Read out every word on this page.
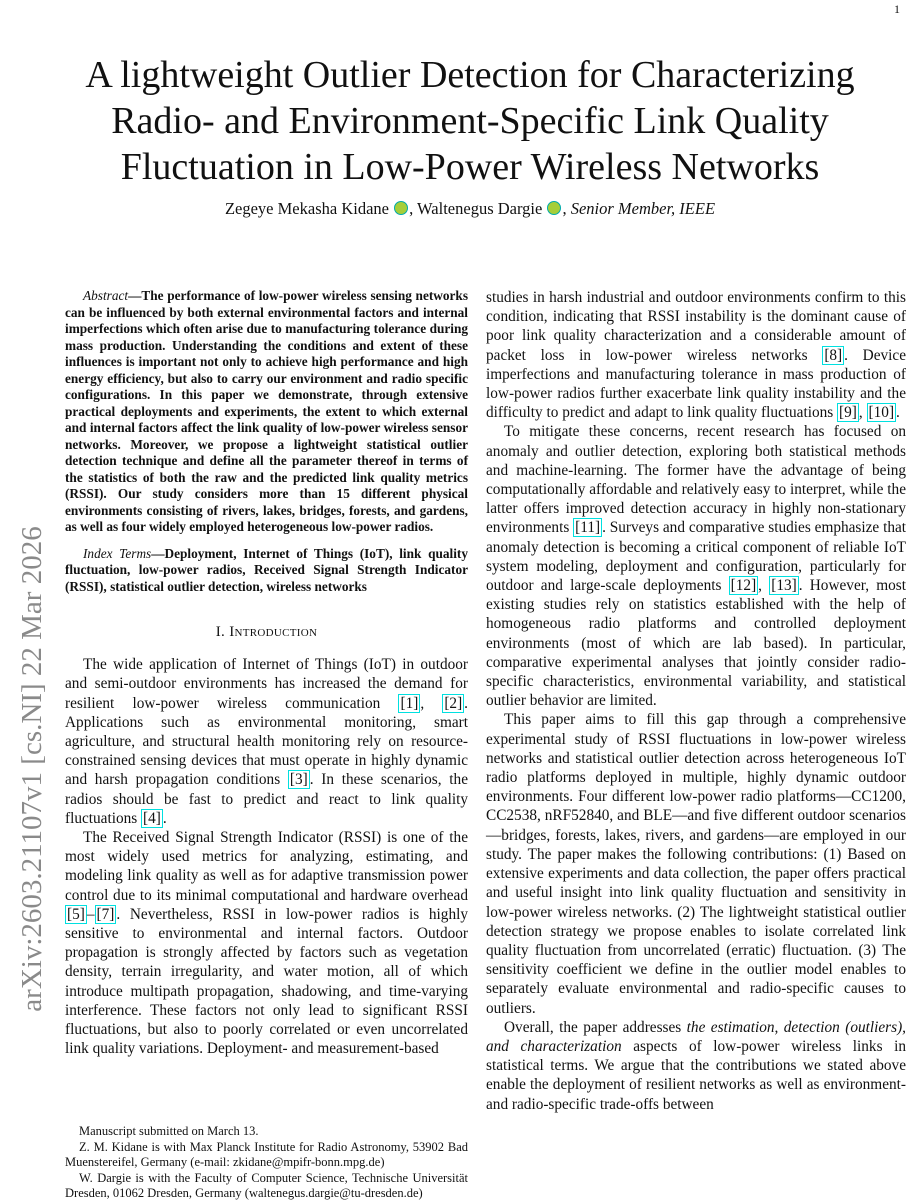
1
arXiv:2603.21107v1 [cs.NI] 22 Mar 2026
A lightweight Outlier Detection for Characterizing
Radio- and Environment-Specific Link Quality
Fluctuation in Low-Power Wireless Networks
Zegeye Mekasha Kidane , Waltenegus Dargie , Senior Member, IEEE

Abstract—The performance of low-power wireless sensing networks can be influenced by both external environmental factors and internal imperfections which often arise due to manufacturing tolerance during mass production. Understanding the conditions and extent of these influences is important not only to achieve high performance and high energy efficiency, but also to carry our environment and radio specific configurations. In this paper we demonstrate, through extensive practical deployments and experiments, the extent to which external and internal factors affect the link quality of low-power wireless sensor networks. Moreover, we propose a lightweight statistical outlier detection technique and define all the parameter thereof in terms of the statistics of both the raw and the predicted link quality metrics (RSSI). Our study considers more than 15 different physical environments consisting of rivers, lakes, bridges, forests, and gardens, as well as four widely employed heterogeneous low-power radios.

Index Terms—Deployment, Internet of Things (IoT), link quality fluctuation, low-power radios, Received Signal Strength Indicator (RSSI), statistical outlier detection, wireless networks

I. Introduction

The wide application of Internet of Things (IoT) in outdoor and semi-outdoor environments has increased the demand for resilient low-power wireless communication [1] , [2] . Applications such as environmental monitoring, smart agriculture, and structural health monitoring rely on resource-constrained sensing devices that must operate in highly dynamic and harsh propagation conditions [3] . In these scenarios, the radios should be fast to predict and react to link quality fluctuations [4] .

The Received Signal Strength Indicator (RSSI) is one of the most widely used metrics for analyzing, estimating, and modeling link quality as well as for adaptive transmission power control due to its minimal computational and hardware overhead [5] – [7] . Nevertheless, RSSI in low-power radios is highly sensitive to environmental and internal factors. Outdoor propagation is strongly affected by factors such as vegetation density, terrain irregularity, and water motion, all of which introduce multipath propagation, shadowing, and time-varying interference. These factors not only lead to significant RSSI fluctuations, but also to poorly correlated or even uncorrelated link quality variations. Deployment- and measurement-based

Manuscript submitted on March 13.

Z. M. Kidane is with Max Planck Institute for Radio Astronomy, 53902 Bad Muenstereifel, Germany (e-mail: zkidane@mpifr-bonn.mpg.de)

W. Dargie is with the Faculty of Computer Science, Technische Universität Dresden, 01062 Dresden, Germany (waltenegus.dargie@tu-dresden.de)

studies in harsh industrial and outdoor environments confirm to this condition, indicating that RSSI instability is the dominant cause of poor link quality characterization and a considerable amount of packet loss in low-power wireless networks [8] . Device imperfections and manufacturing tolerance in mass production of low-power radios further exacerbate link quality instability and the difficulty to predict and adapt to link quality fluctuations [9] , [10] .

To mitigate these concerns, recent research has focused on anomaly and outlier detection, exploring both statistical methods and machine-learning. The former have the advantage of being computationally affordable and relatively easy to interpret, while the latter offers improved detection accuracy in highly non-stationary environments [11] . Surveys and comparative studies emphasize that anomaly detection is becoming a critical component of reliable IoT system modeling, deployment and configuration, particularly for outdoor and large-scale deployments [12] , [13] . However, most existing studies rely on statistics established with the help of homogeneous radio platforms and controlled deployment environments (most of which are lab based). In particular, comparative experimental analyses that jointly consider radio-specific characteristics, environmental variability, and statistical outlier behavior are limited.

This paper aims to fill this gap through a comprehensive experimental study of RSSI fluctuations in low-power wireless networks and statistical outlier detection across heterogeneous IoT radio platforms deployed in multiple, highly dynamic outdoor environments. Four different low-power radio platforms—CC1200, CC2538, nRF52840, and BLE—and five different outdoor scenarios—bridges, forests, lakes, rivers, and gardens—are employed in our study. The paper makes the following contributions: (1) Based on extensive experiments and data collection, the paper offers practical and useful insight into link quality fluctuation and sensitivity in low-power wireless networks. (2) The lightweight statistical outlier detection strategy we propose enables to isolate correlated link quality fluctuation from uncorrelated (erratic) fluctuation. (3) The sensitivity coefficient we define in the outlier model enables to separately evaluate environmental and radio-specific causes to outliers.

Overall, the paper addresses the estimation, detection (outliers), and characterization aspects of low-power wireless links in statistical terms. We argue that the contributions we stated above enable the deployment of resilient networks as well as environment- and radio-specific trade-offs between
